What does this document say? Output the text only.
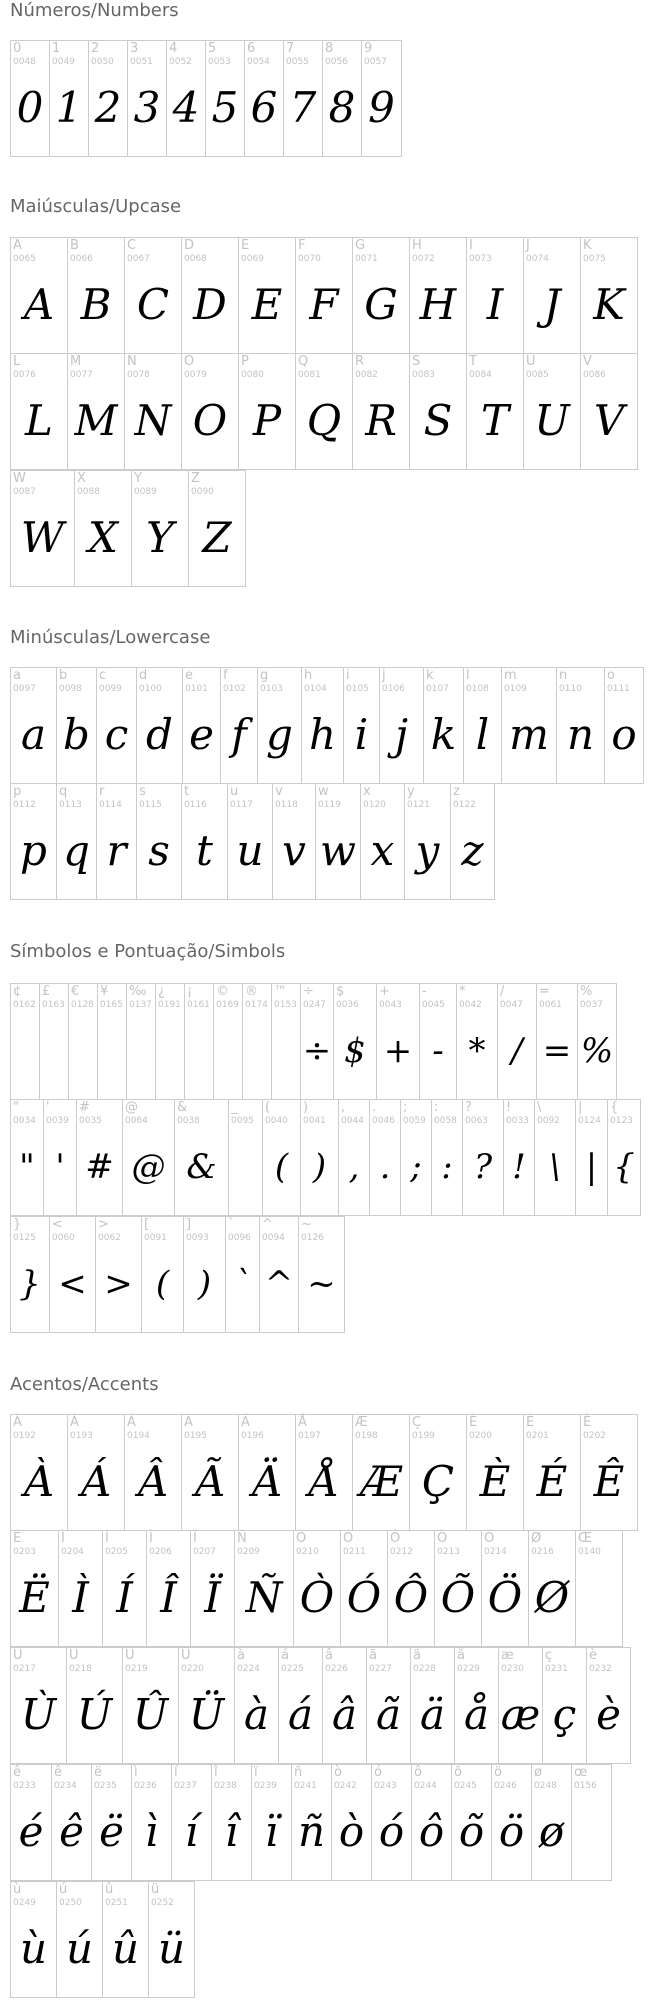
Números/Numbers
0
0048
0
1
0049
1
2
0050
2
3
0051
3
4
0052
4
5
0053
5
6
0054
6
7
0055
7
8
0056
8
9
0057
9
Maiúsculas/Upcase
A
0065
A
B
0066
B
C
0067
C
D
0068
D
E
0069
E
F
0070
F
G
0071
G
H
0072
H
I
0073
I
J
0074
J
K
0075
K
L
0076
L
M
0077
M
N
0078
N
O
0079
O
P
0080
P
Q
0081
Q
R
0082
R
S
0083
S
T
0084
T
U
0085
U
V
0086
V
W
0087
W
X
0088
X
Y
0089
Y
Z
0090
Z
Minúsculas/Lowercase
a
0097
a
b
0098
b
c
0099
c
d
0100
d
e
0101
e
f
0102
f
g
0103
g
h
0104
h
i
0105
i
j
0106
j
k
0107
k
l
0108
l
m
0109
m
n
0110
n
o
0111
o
p
0112
p
q
0113
q
r
0114
r
s
0115
s
t
0116
t
u
0117
u
v
0118
v
w
0119
w
x
0120
x
y
0121
y
z
0122
z
Símbolos e Pontuação/Simbols
¢
0162
£
0163
€
0128
¥
0165
‰
0137
¿
0191
¡
0161
©
0169
®
0174
™
0153
÷
0247
÷
$
0036
$
+
0043
+
-
0045
-
*
0042
*
/
0047
/
=
0061
=
%
0037
%
"
0034
"
'
0039
'
#
0035
#
@
0064
@
&
0038
&
_
0095
(
0040
(
)
0041
)
,
0044
,
.
0046
.
;
0059
;
:
0058
:
?
0063
?
!
0033
!
\
0092
\
|
0124
|
{
0123
{
}
0125
}
<
0060
<
>
0062
>
[
0091
(
]
0093
)
`
0096
`
^
0094
^
~
0126
~
Acentos/Accents
À
0192
À
Á
0193
Á
Â
0194
Â
Ã
0195
Ã
Ä
0196
Ä
Å
0197
Å
Æ
0198
Æ
Ç
0199
Ç
È
0200
È
É
0201
É
Ê
0202
Ê
Ë
0203
Ë
Ì
0204
Ì
Í
0205
Í
Î
0206
Î
Ï
0207
Ï
Ñ
0209
Ñ
Ò
0210
Ò
Ó
0211
Ó
Ô
0212
Ô
Õ
0213
Õ
Ö
0214
Ö
Ø
0216
Ø
Œ
0140
Ù
0217
Ù
Ú
0218
Ú
Û
0219
Û
Ü
0220
Ü
à
0224
à
á
0225
á
â
0226
â
ã
0227
ã
ä
0228
ä
å
0229
å
æ
0230
æ
ç
0231
ç
è
0232
è
ê
0233
é
ê
0234
ê
ë
0235
ë
ì
0236
ì
í
0237
í
î
0238
î
ï
0239
ï
ñ
0241
ñ
ò
0242
ò
ó
0243
ó
ô
0244
ô
õ
0245
õ
ö
0246
ö
ø
0248
ø
œ
0156
ù
0249
ù
ú
0250
ú
û
0251
û
ü
0252
ü
